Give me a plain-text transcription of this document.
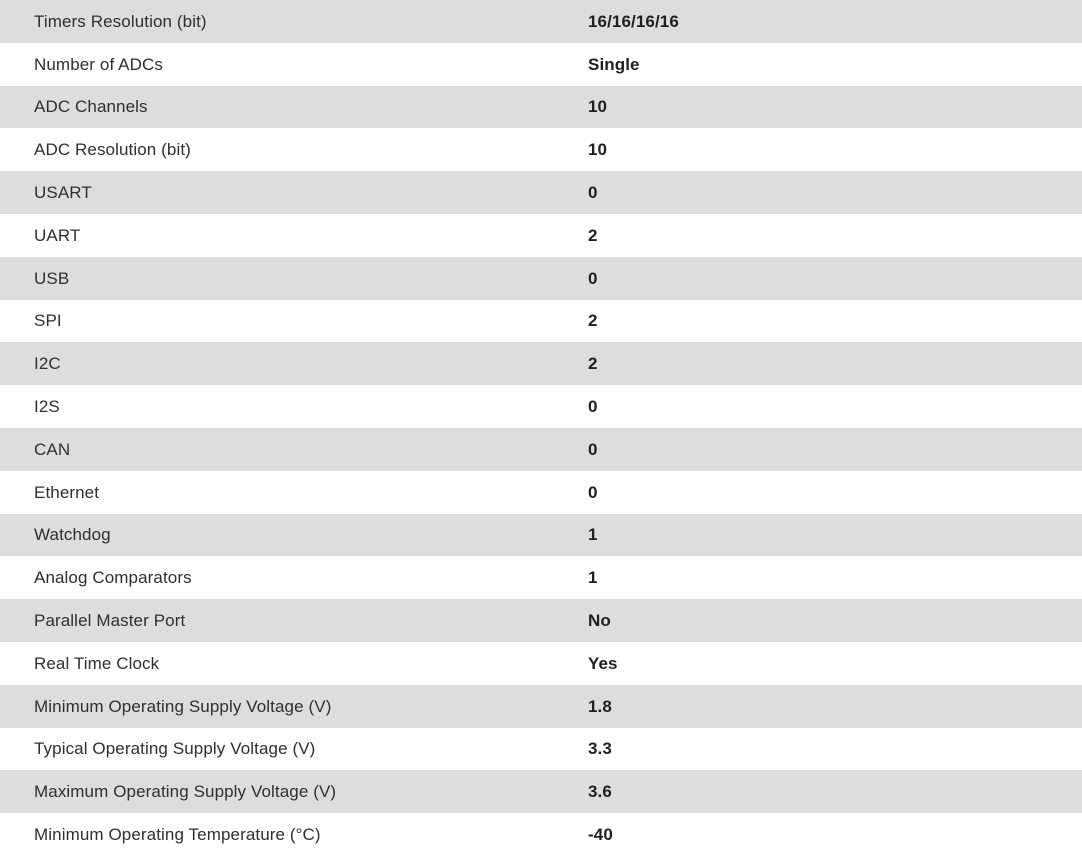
Timers Resolution (bit)	16/16/16/16
Number of ADCs	Single
ADC Channels	10
ADC Resolution (bit)	10
USART	0
UART	2
USB	0
SPI	2
I2C	2
I2S	0
CAN	0
Ethernet	0
Watchdog	1
Analog Comparators	1
Parallel Master Port	No
Real Time Clock	Yes
Minimum Operating Supply Voltage (V)	1.8
Typical Operating Supply Voltage (V)	3.3
Maximum Operating Supply Voltage (V)	3.6
Minimum Operating Temperature (°C)	-40
